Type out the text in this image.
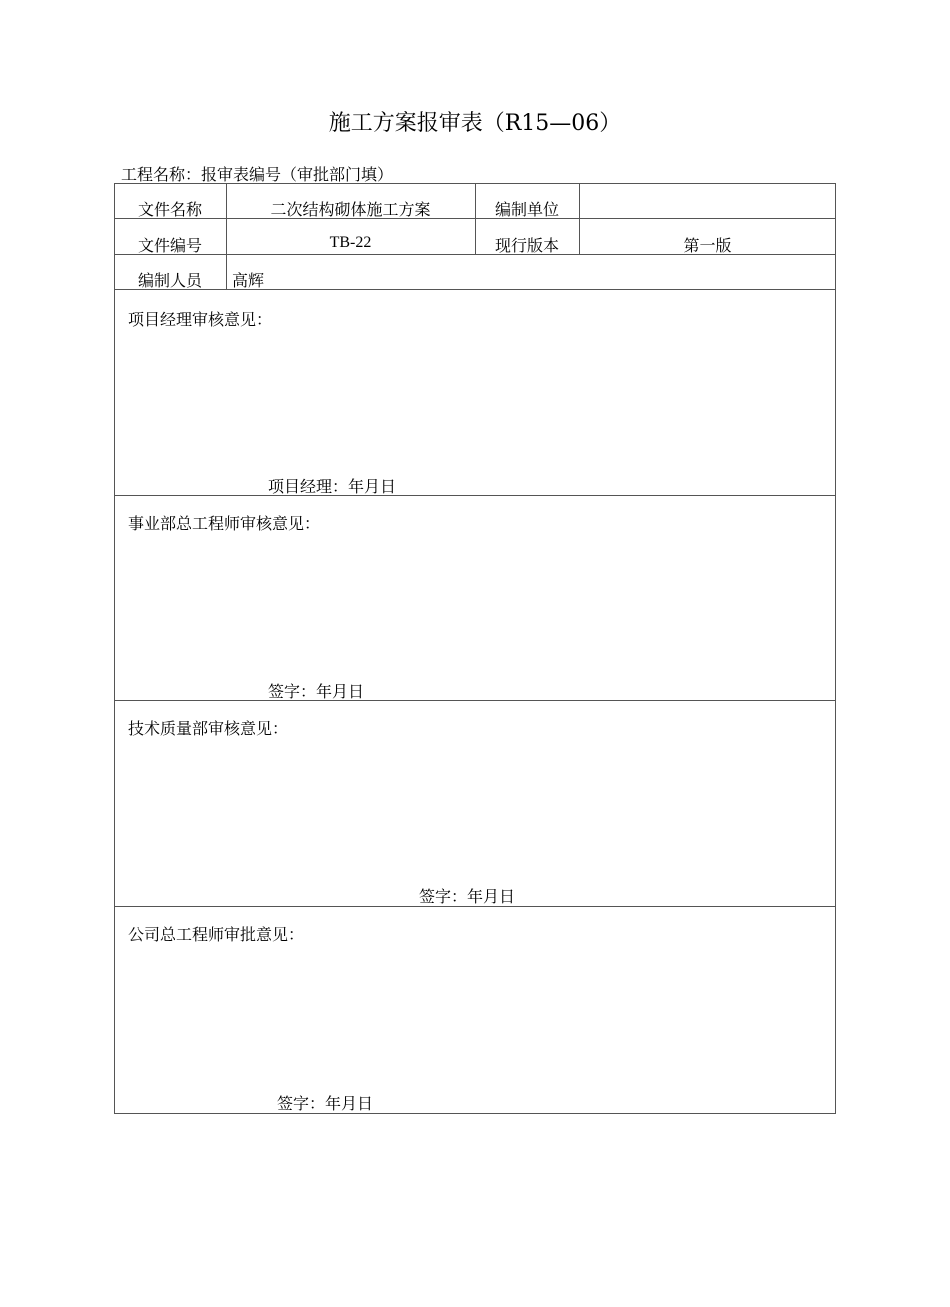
施工方案报审表（R15—06）
工程名称：报审表编号（审批部门填）
文件名称	二次结构砌体施工方案	编制单位
文件编号	TB-22	现行版本	第一版
编制人员	高辉
项目经理审核意见：
项目经理：年月日
事业部总工程师审核意见：
签字：年月日
技术质量部审核意见：
签字：年月日
公司总工程师审批意见：
签字：年月日
